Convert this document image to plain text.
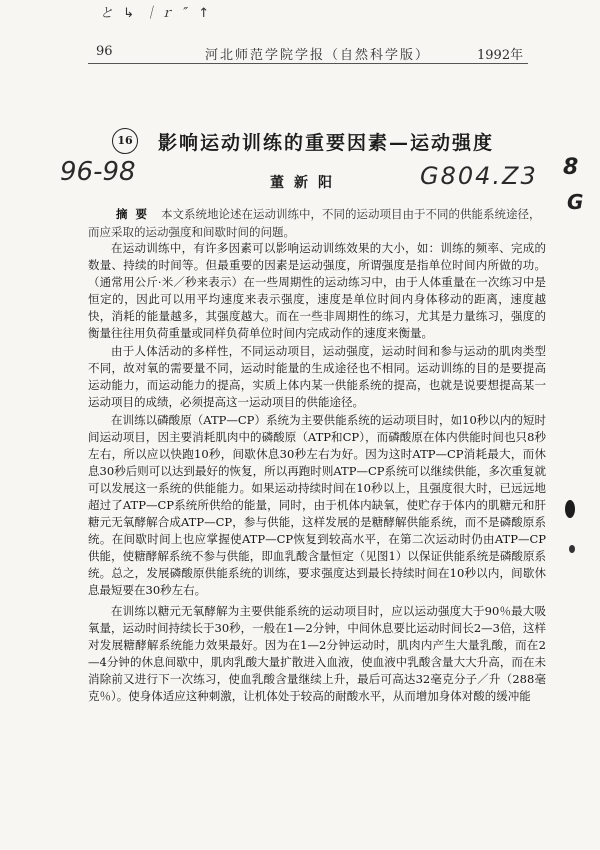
と ↳ ｜ｒ ″ ↑
96	河北师范学院学报（自然科学版）	1992年
16 影响运动训练的重要因素—运动强度
96-98	G804.Z3
董新阳
8
G
摘要 本文系统地论述在运动训练中，不同的运动项目由于不同的供能系统途径，而应采取的运动强度和间歇时间的问题。

在运动训练中，有许多因素可以影响运动训练效果的大小，如：训练的频率、完成的数量、持续的时间等。但最重要的因素是运动强度，所谓强度是指单位时间内所做的功。（通常用公斤·米／秒来表示）在一些周期性的运动练习中，由于人体重量在一次练习中是恒定的，因此可以用平均速度来表示强度，速度是单位时间内身体移动的距离，速度越快，消耗的能量越多，其强度越大。而在一些非周期性的练习，尤其是力量练习，强度的衡量往往用负荷重量或同样负荷单位时间内完成动作的速度来衡量。

由于人体活动的多样性，不同运动项目，运动强度，运动时间和参与运动的肌肉类型不同，故对氧的需要量不同，运动时能量的生成途径也不相同。运动训练的目的是要提高运动能力，而运动能力的提高，实质上体内某一供能系统的提高，也就是说要想提高某一运动项目的成绩，必须提高这一运动项目的供能途径。

在训练以磷酸原（ATP—CP）系统为主要供能系统的运动项目时，如10秒以内的短时间运动项目，因主要消耗肌肉中的磷酸原（ATP和CP），而磷酸原在体内供能时间也只8秒左右，所以应以快跑10秒，间歇休息30秒左右为好。因为这时ATP—CP消耗最大，而休息30秒后则可以达到最好的恢复，所以再跑时则ATP—CP系统可以继续供能，多次重复就可以发展这一系统的供能能力。如果运动持续时间在10秒以上，且强度很大时，已远远地超过了ATP—CP系统所供给的能量，同时，由于机体内缺氧，使贮存于体内的肌糖元和肝糖元无氧酵解合成ATP—CP，参与供能，这样发展的是糖酵解供能系统，而不是磷酸原系统。在间歇时间上也应掌握使ATP—CP恢复到较高水平，在第二次运动时仍由ATP—CP供能，使糖酵解系统不参与供能，即血乳酸含量恒定（见图1）以保证供能系统是磷酸原系统。总之，发展磷酸原供能系统的训练，要求强度达到最长持续时间在10秒以内，间歇休息最短要在30秒左右。

在训练以糖元无氧酵解为主要供能系统的运动项目时，应以运动强度大于90％最大吸氧量，运动时间持续长于30秒，一般在1—2分钟，中间休息要比运动时间长2—3倍，这样对发展糖酵解系统能力效果最好。因为在1—2分钟运动时，肌肉内产生大量乳酸，而在2—4分钟的休息间歇中，肌肉乳酸大量扩散进入血液，使血液中乳酸含量大大升高，而在未消除前又进行下一次练习，使血乳酸含量继续上升，最后可高达32毫克分子／升（288毫克％）。使身体适应这种刺激，让机体处于较高的耐酸水平，从而增加身体对酸的缓冲能
